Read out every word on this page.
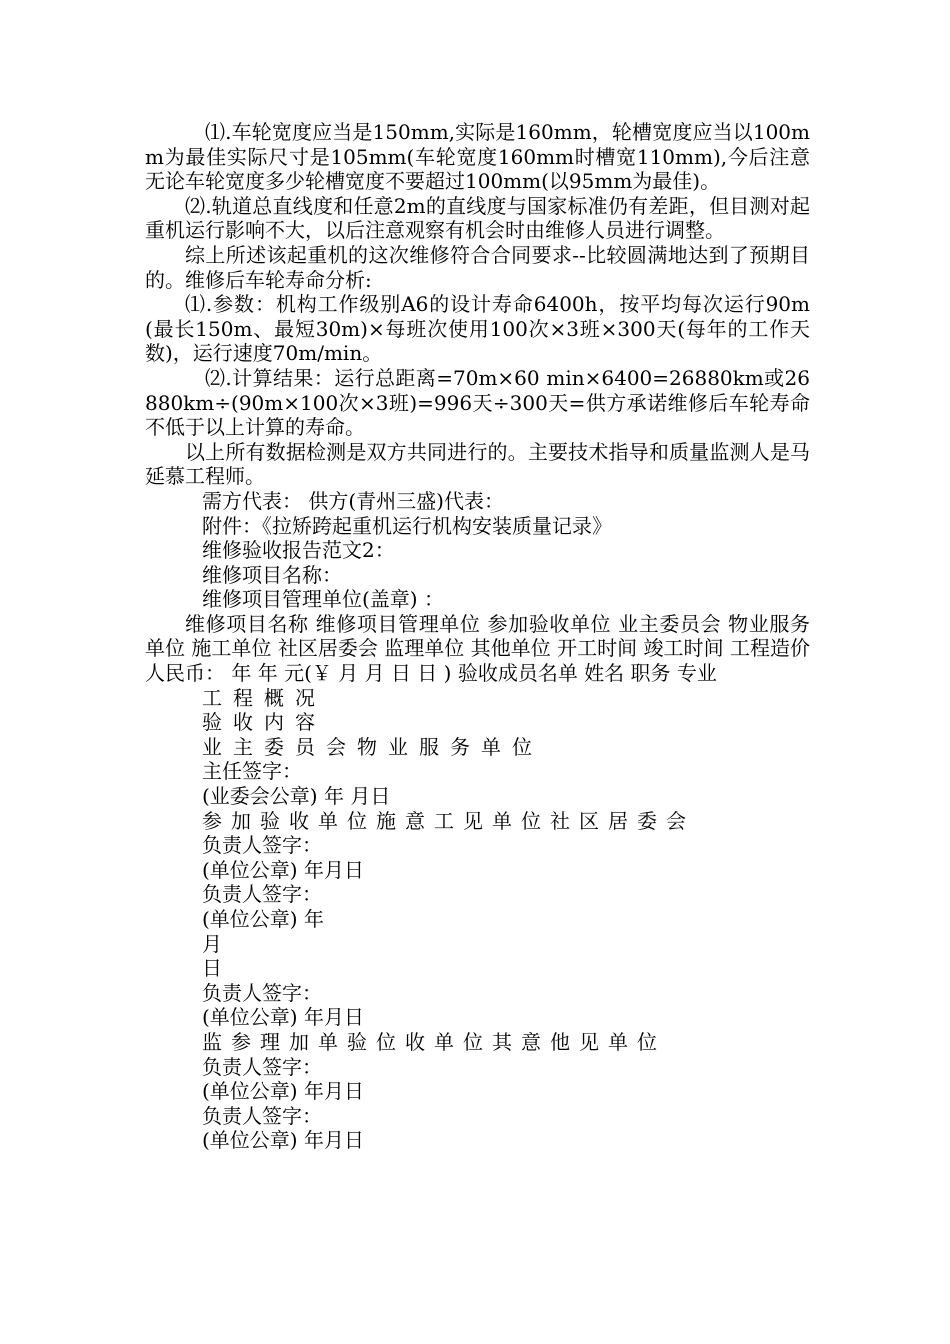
⑴.车轮宽度应当是150mm,实际是160mm，轮槽宽度应当以100mm为最佳实际尺寸是105mm(车轮宽度160mm时槽宽110mm),今后注意无论车轮宽度多少轮槽宽度不要超过100mm(以95mm为最佳)。

⑵.轨道总直线度和任意2m的直线度与国家标准仍有差距，但目测对起重机运行影响不大，以后注意观察有机会时由维修人员进行调整。

综上所述该起重机的这次维修符合合同要求--比较圆满地达到了预期目的。维修后车轮寿命分析:

⑴.参数：机构工作级别A6的设计寿命6400h，按平均每次运行90m(最长150m、最短30m)×每班次使用100次×3班×300天(每年的工作天数)，运行速度70m/min。

⑵.计算结果：运行总距离=70m×60 min×6400=26880km或26880km÷(90m×100次×3班)=996天÷300天=供方承诺维修后车轮寿命不低于以上计算的寿命。

以上所有数据检测是双方共同进行的。主要技术指导和质量监测人是马延慕工程师。

需方代表： 供方(青州三盛)代表：

附件：《拉矫跨起重机运行机构安装质量记录》

维修验收报告范文2：

维修项目名称：

维修项目管理单位(盖章) ：

维修项目名称 维修项目管理单位 参加验收单位 业主委员会 物业服务单位 施工单位 社区居委会 监理单位 其他单位 开工时间 竣工时间 工程造价 人民币： 年 年 元(￥ 月 月 日 日 ) 验收成员名单 姓名 职务 专业

工程概况

验收内容

业主委员会物业服务单位

主任签字：

(业委会公章) 年 月日

参加验收单位施意工见单位社区居委会

负责人签字：

(单位公章) 年月日

负责人签字：

(单位公章) 年

月

日

负责人签字：

(单位公章) 年月日

监参理加单验位收单位其意他见单位

负责人签字：

(单位公章) 年月日

负责人签字：

(单位公章) 年月日
